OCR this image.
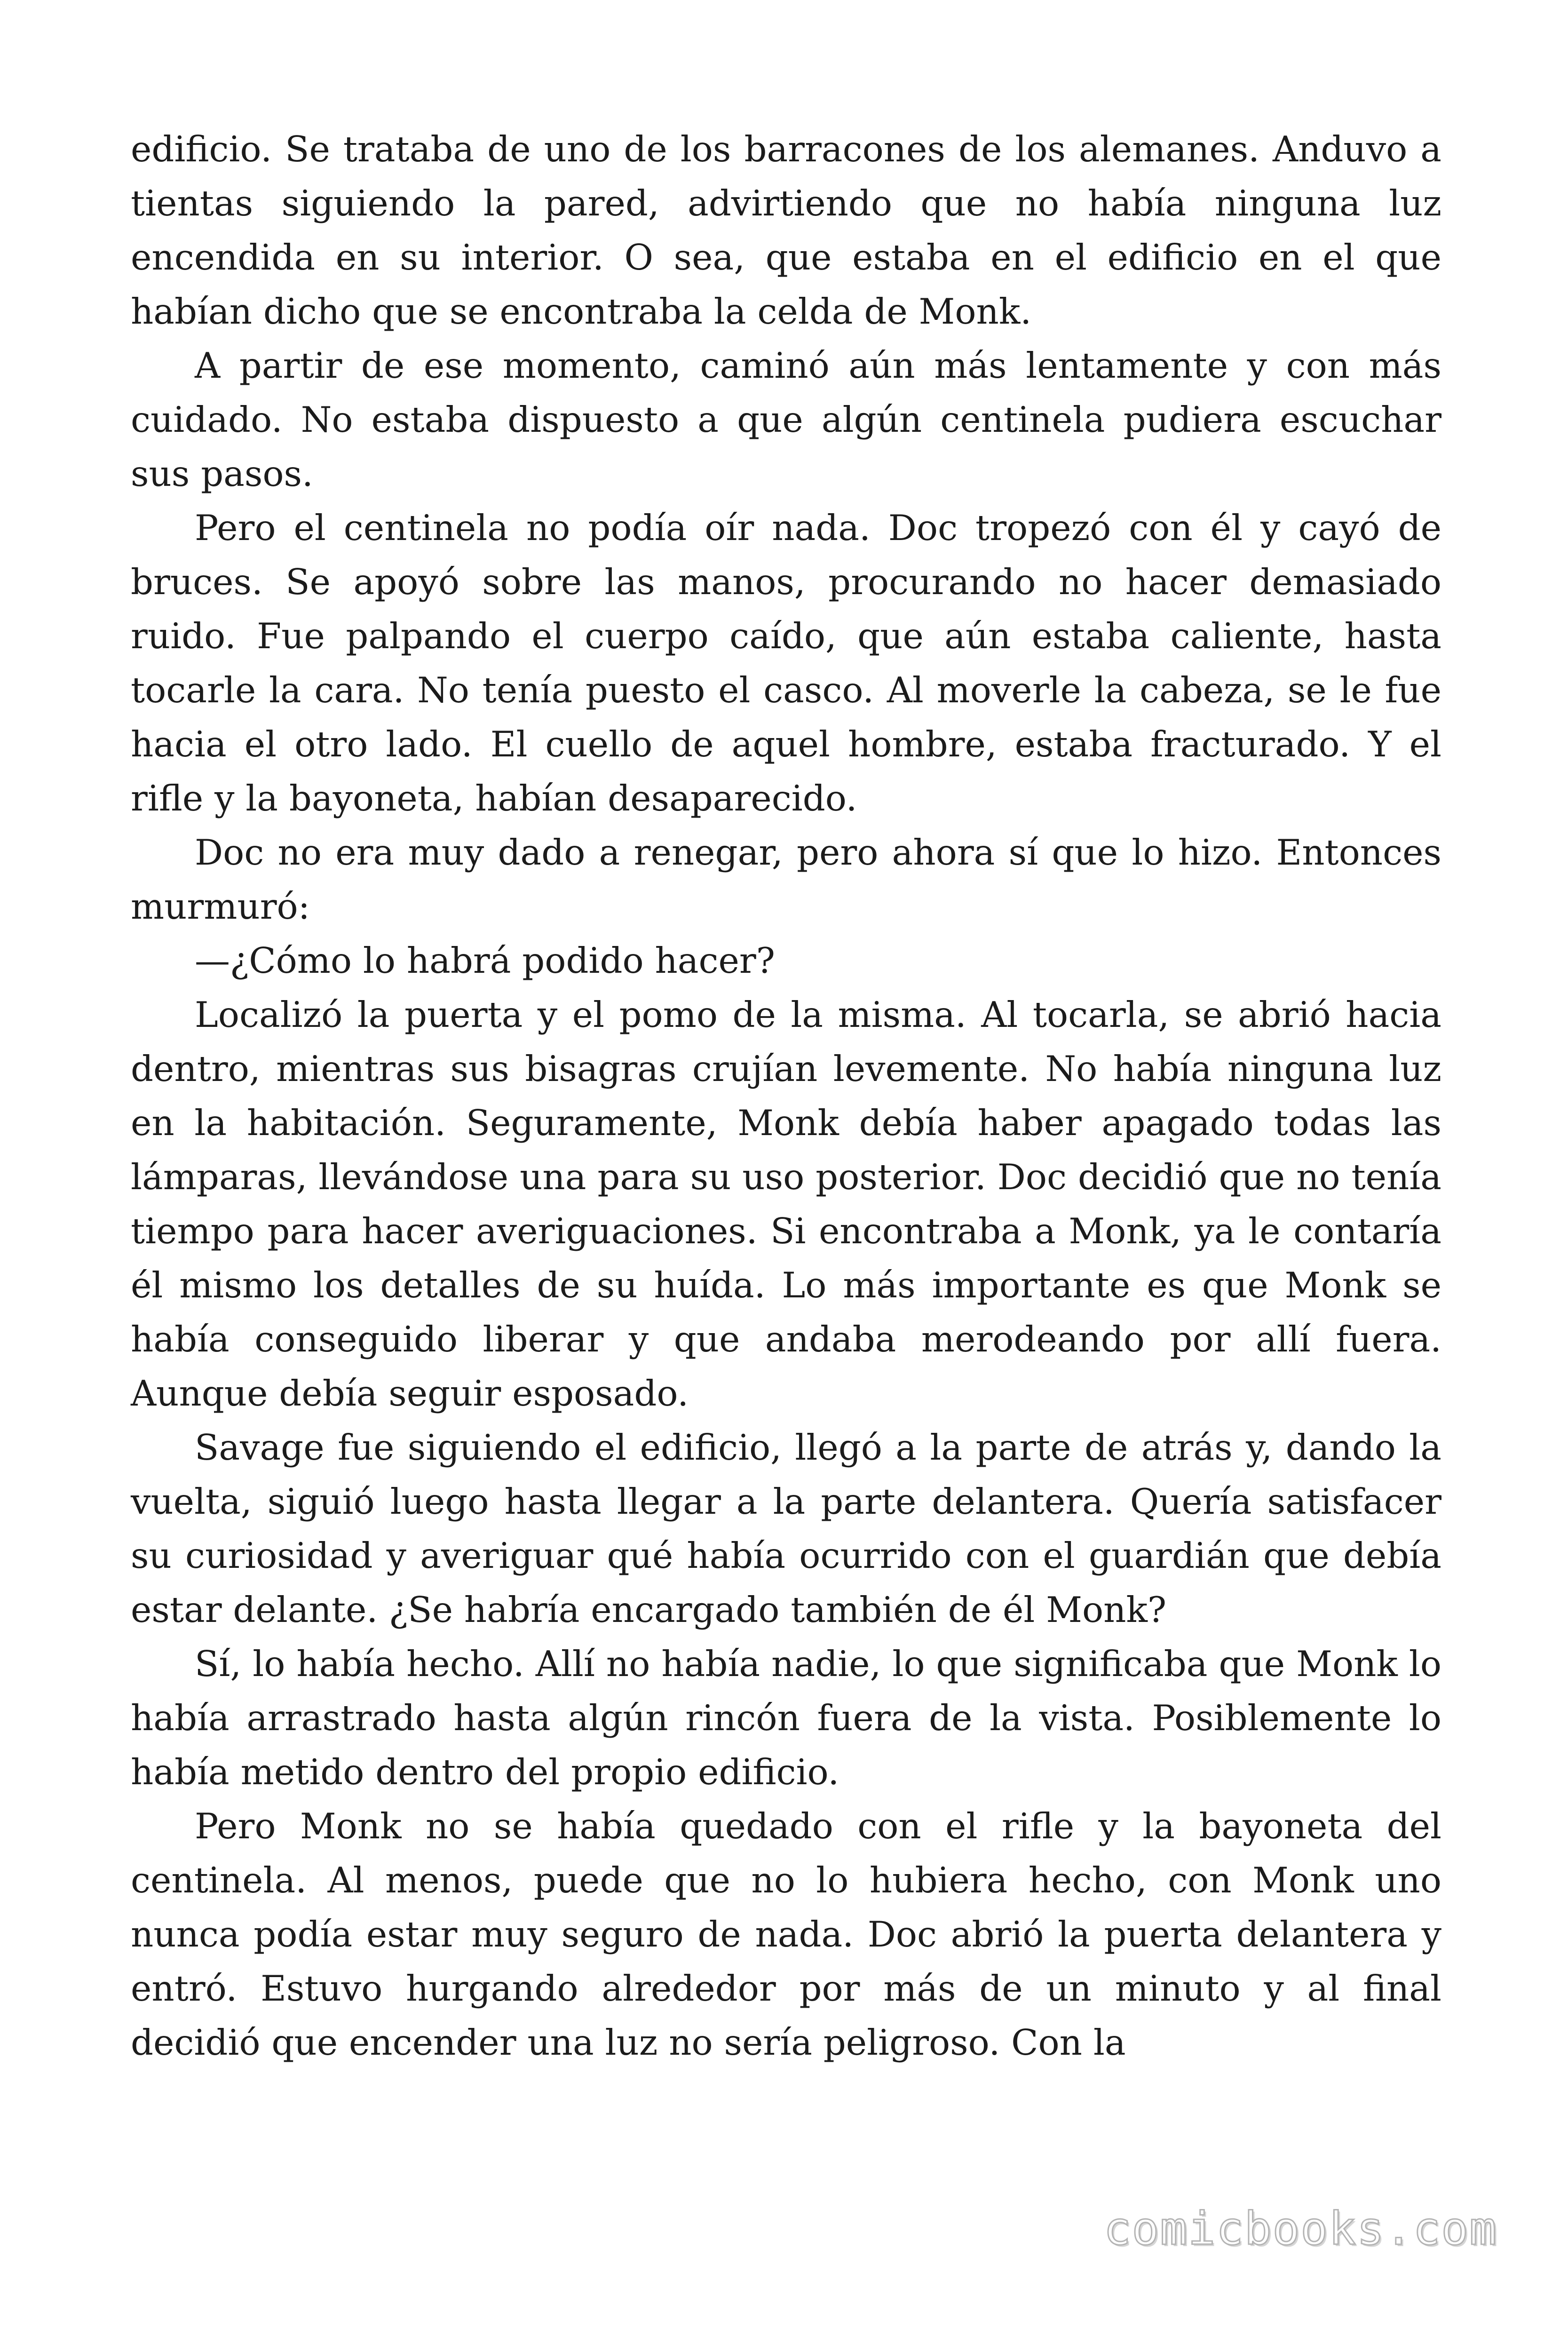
edificio. Se trataba de uno de los barracones de los alemanes. Anduvo a tientas siguiendo la pared, advirtiendo que no había ninguna luz encendida en su interior. O sea, que estaba en el edificio en el que habían dicho que se encontraba la celda de Monk.

A partir de ese momento, caminó aún más lentamente y con más cuidado. No estaba dispuesto a que algún centinela pudiera escuchar sus pasos.

Pero el centinela no podía oír nada. Doc tropezó con él y cayó de bruces. Se apoyó sobre las manos, procurando no hacer demasiado ruido. Fue palpando el cuerpo caído, que aún estaba caliente, hasta tocarle la cara. No tenía puesto el casco. Al moverle la cabeza, se le fue hacia el otro lado. El cuello de aquel hombre, estaba fracturado. Y el rifle y la bayoneta, habían desaparecido.

Doc no era muy dado a renegar, pero ahora sí que lo hizo. Entonces murmuró:

—¿Cómo lo habrá podido hacer?

Localizó la puerta y el pomo de la misma. Al tocarla, se abrió hacia dentro, mientras sus bisagras crujían levemente. No había ninguna luz en la habitación. Seguramente, Monk debía haber apagado todas las lámparas, llevándose una para su uso posterior. Doc decidió que no tenía tiempo para hacer averiguaciones. Si encontraba a Monk, ya le contaría él mismo los detalles de su huída. Lo más importante es que Monk se había conseguido liberar y que andaba merodeando por allí fuera. Aunque debía seguir esposado.

Savage fue siguiendo el edificio, llegó a la parte de atrás y, dando la vuelta, siguió luego hasta llegar a la parte delantera. Quería satisfacer su curiosidad y averiguar qué había ocurrido con el guardián que debía estar delante. ¿Se habría encargado también de él Monk?

Sí, lo había hecho. Allí no había nadie, lo que significaba que Monk lo había arrastrado hasta algún rincón fuera de la vista. Posiblemente lo había metido dentro del propio edificio.

Pero Monk no se había quedado con el rifle y la bayoneta del centinela. Al menos, puede que no lo hubiera hecho, con Monk uno nunca podía estar muy seguro de nada. Doc abrió la puerta delantera y entró. Estuvo hurgando alrededor por más de un minuto y al final decidió que encender una luz no sería peligroso. Con la

comicbooks.com
